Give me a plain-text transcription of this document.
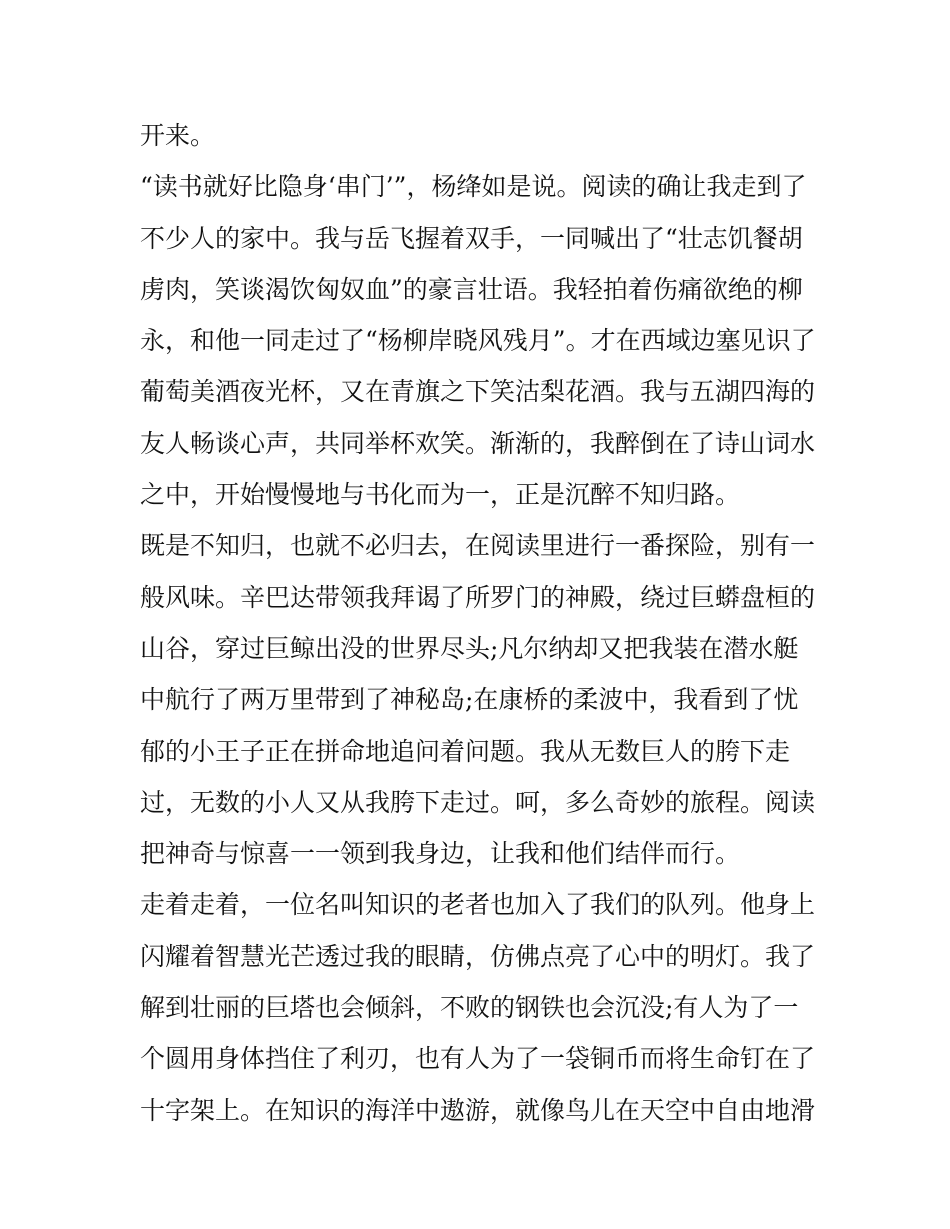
开来。
“读书就好比隐身‘串门’”，杨绛如是说。阅读的确让我走到了
不少人的家中。我与岳飞握着双手，一同喊出了“壮志饥餐胡
虏肉，笑谈渴饮匈奴血”的豪言壮语。我轻拍着伤痛欲绝的柳
永，和他一同走过了“杨柳岸晓风残月”。才在西域边塞见识了
葡萄美酒夜光杯，又在青旗之下笑沽梨花酒。我与五湖四海的
友人畅谈心声，共同举杯欢笑。渐渐的，我醉倒在了诗山词水
之中，开始慢慢地与书化而为一，正是沉醉不知归路。
既是不知归，也就不必归去，在阅读里进行一番探险，别有一
般风味。辛巴达带领我拜谒了所罗门的神殿，绕过巨蟒盘桓的
山谷，穿过巨鲸出没的世界尽头;凡尔纳却又把我装在潜水艇
中航行了两万里带到了神秘岛;在康桥的柔波中，我看到了忧
郁的小王子正在拼命地追问着问题。我从无数巨人的胯下走
过，无数的小人又从我胯下走过。呵，多么奇妙的旅程。阅读
把神奇与惊喜一一领到我身边，让我和他们结伴而行。
走着走着，一位名叫知识的老者也加入了我们的队列。他身上
闪耀着智慧光芒透过我的眼睛，仿佛点亮了心中的明灯。我了
解到壮丽的巨塔也会倾斜，不败的钢铁也会沉没;有人为了一
个圆用身体挡住了利刃，也有人为了一袋铜币而将生命钉在了
十字架上。在知识的海洋中遨游，就像鸟儿在天空中自由地滑
